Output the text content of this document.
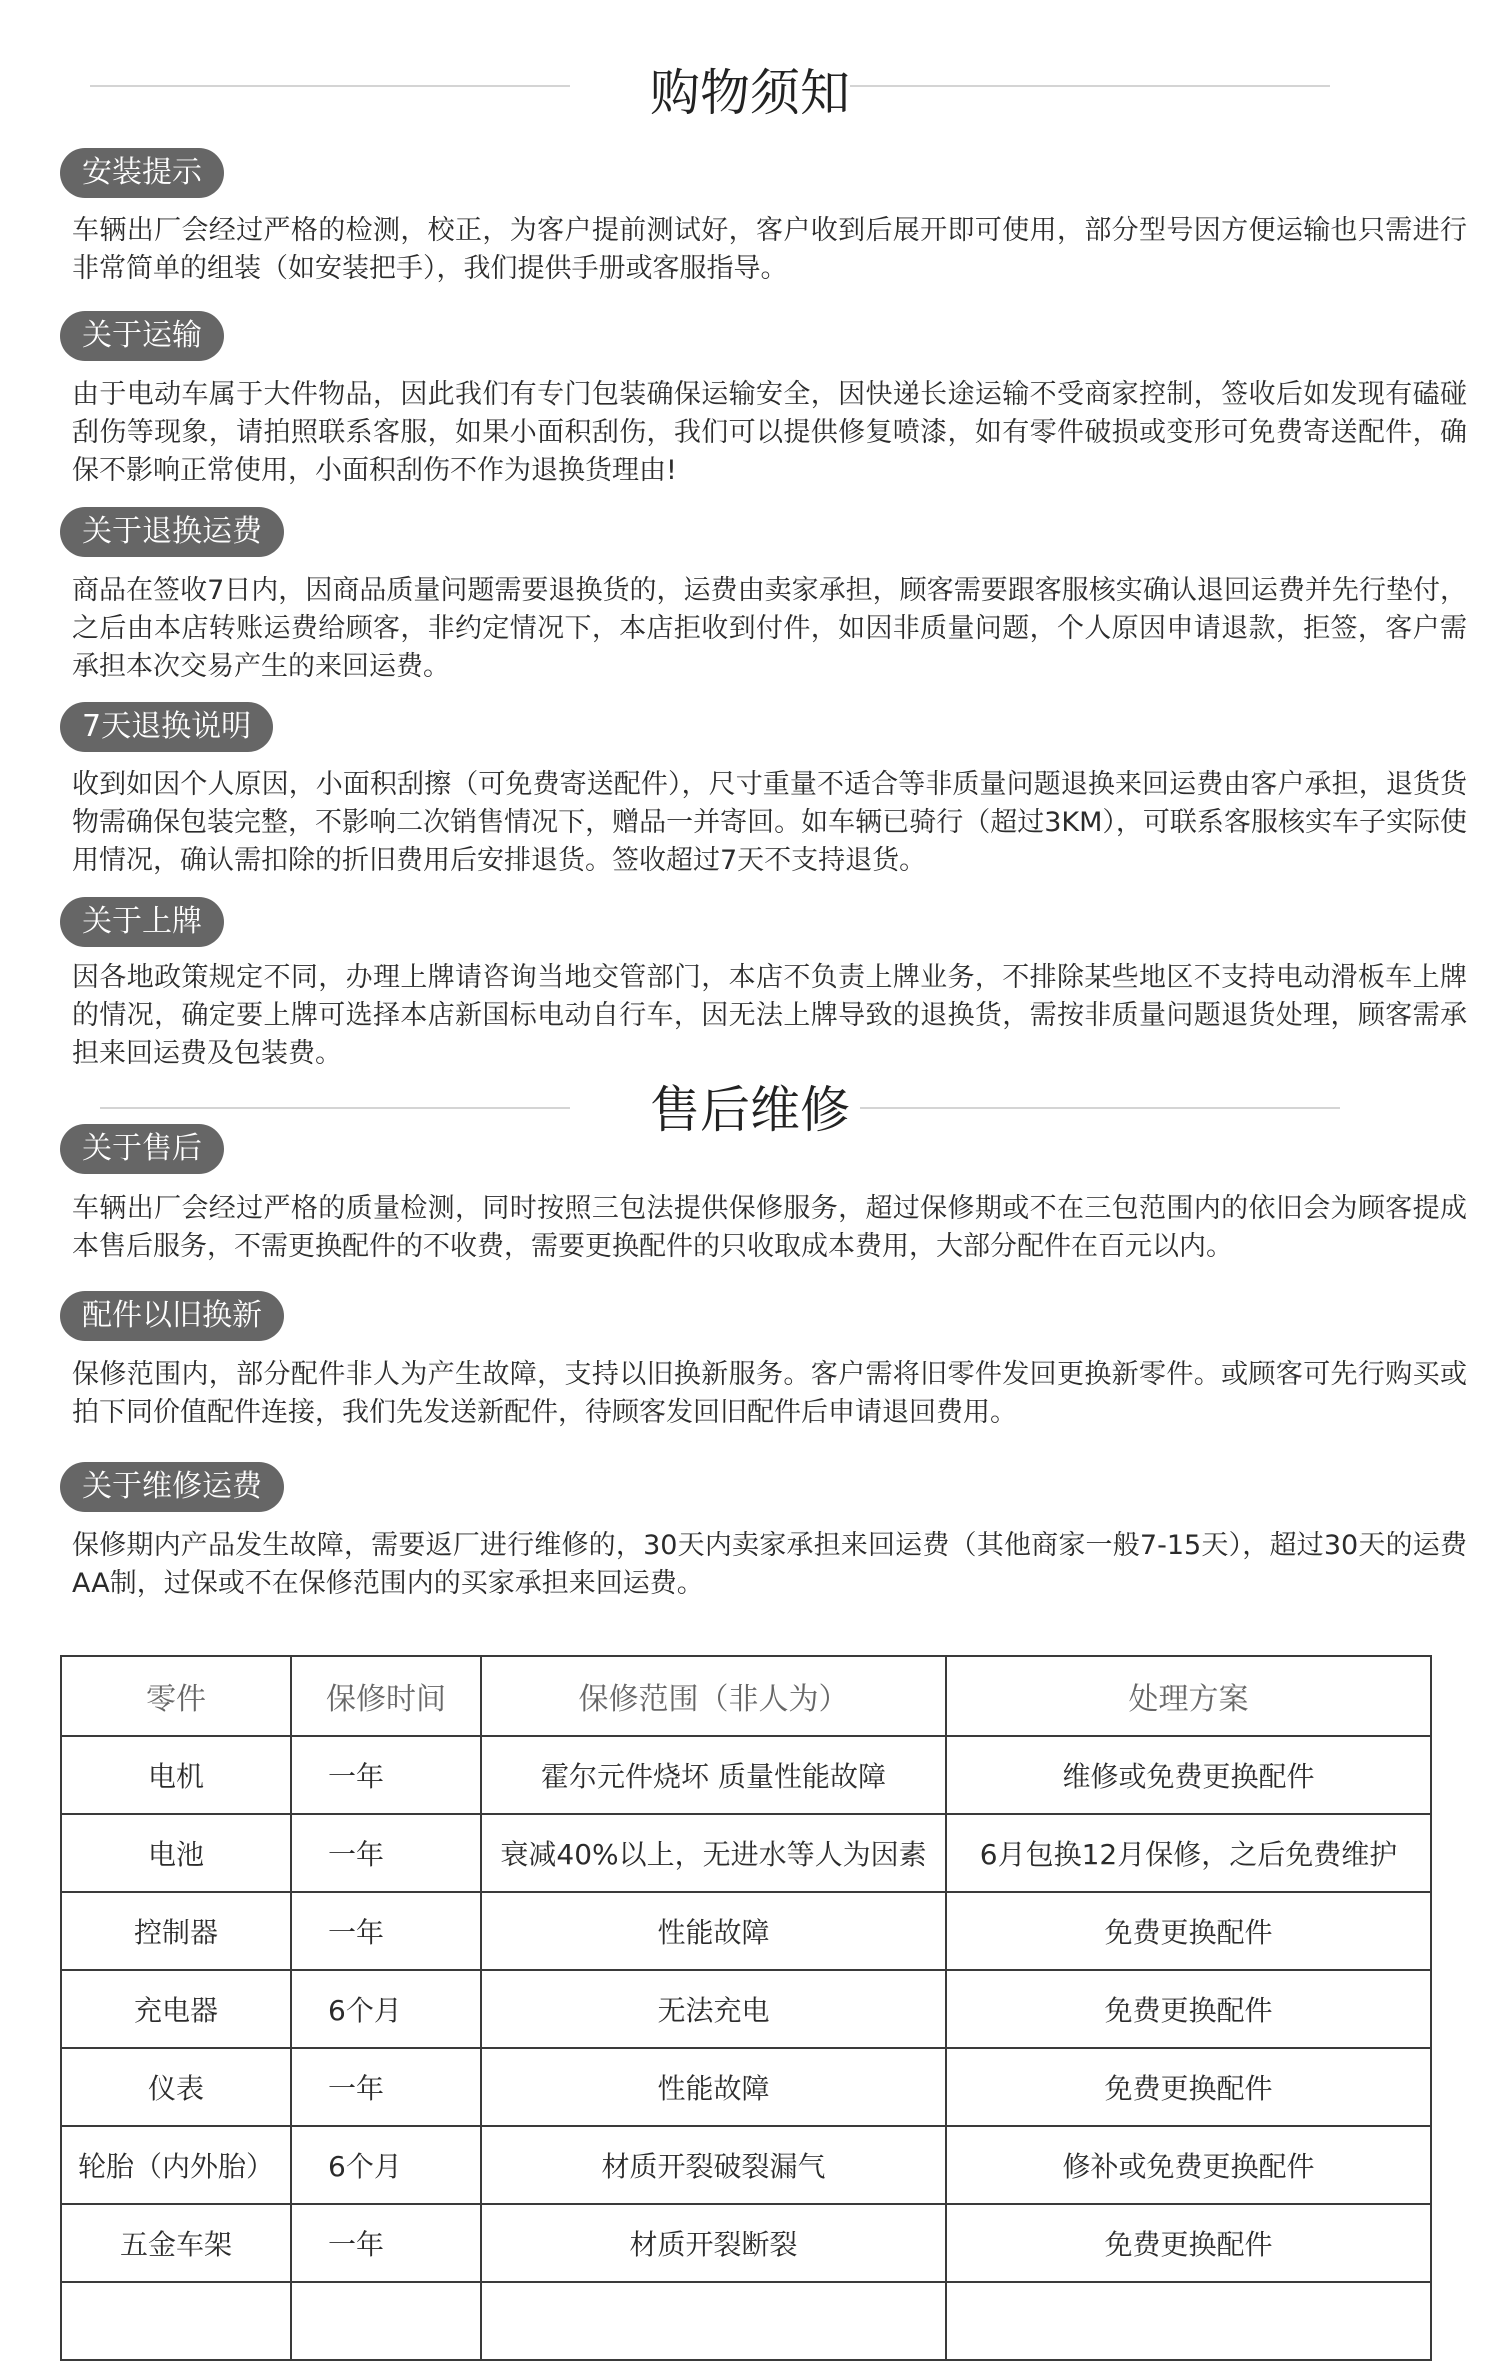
购物须知
安装提示
车辆出厂会经过严格的检测，校正，为客户提前测试好，客户收到后展开即可使用，部分型号因方便运输也只需进行非常简单的组装（如安装把手），我们提供手册或客服指导。
关于运输
由于电动车属于大件物品，因此我们有专门包装确保运输安全，因快递长途运输不受商家控制，签收后如发现有磕碰刮伤等现象，请拍照联系客服，如果小面积刮伤，我们可以提供修复喷漆，如有零件破损或变形可免费寄送配件，确保不影响正常使用，小面积刮伤不作为退换货理由!
关于退换运费
商品在签收7日内，因商品质量问题需要退换货的，运费由卖家承担，顾客需要跟客服核实确认退回运费并先行垫付，之后由本店转账运费给顾客，非约定情况下，本店拒收到付件，如因非质量问题，个人原因申请退款，拒签，客户需承担本次交易产生的来回运费。
7天退换说明
收到如因个人原因，小面积刮擦（可免费寄送配件），尺寸重量不适合等非质量问题退换来回运费由客户承担，退货货物需确保包装完整，不影响二次销售情况下，赠品一并寄回。如车辆已骑行（超过3KM），可联系客服核实车子实际使用情况，确认需扣除的折旧费用后安排退货。签收超过7天不支持退货。
关于上牌
因各地政策规定不同，办理上牌请咨询当地交管部门，本店不负责上牌业务，不排除某些地区不支持电动滑板车上牌的情况，确定要上牌可选择本店新国标电动自行车，因无法上牌导致的退换货，需按非质量问题退货处理，顾客需承担来回运费及包装费。
售后维修
关于售后
车辆出厂会经过严格的质量检测，同时按照三包法提供保修服务，超过保修期或不在三包范围内的依旧会为顾客提成本售后服务，不需更换配件的不收费，需要更换配件的只收取成本费用，大部分配件在百元以内。
配件以旧换新
保修范围内，部分配件非人为产生故障，支持以旧换新服务。客户需将旧零件发回更换新零件。或顾客可先行购买或拍下同价值配件连接，我们先发送新配件，待顾客发回旧配件后申请退回费用。
关于维修运费
保修期内产品发生故障，需要返厂进行维修的，30天内卖家承担来回运费（其他商家一般7-15天），超过30天的运费AA制，过保或不在保修范围内的买家承担来回运费。
零件	保修时间	保修范围（非人为）	处理方案
电机	一年	霍尔元件烧坏 质量性能故障	维修或免费更换配件
电池	一年	衰减40%以上，无进水等人为因素	6月包换12月保修，之后免费维护
控制器	一年	性能故障	免费更换配件
充电器	6个月	无法充电	免费更换配件
仪表	一年	性能故障	免费更换配件
轮胎（内外胎）	6个月	材质开裂破裂漏气	修补或免费更换配件
五金车架	一年	材质开裂断裂	免费更换配件
